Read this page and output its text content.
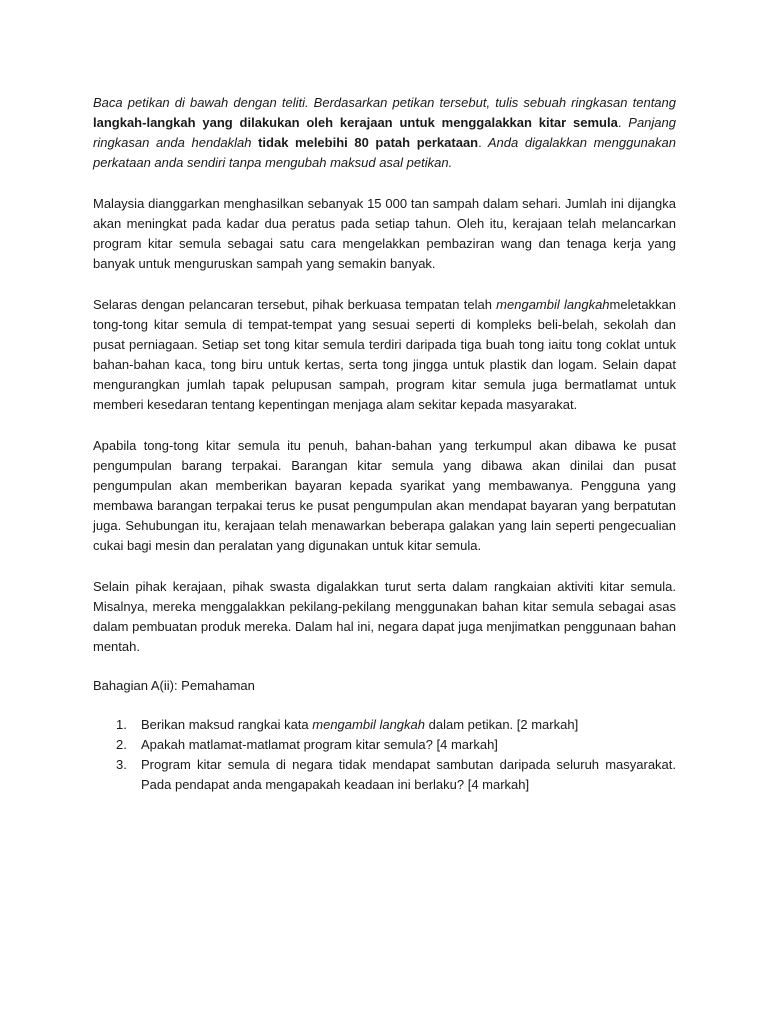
Baca petikan di bawah dengan teliti. Berdasarkan petikan tersebut, tulis sebuah ringkasan tentang langkah-langkah yang dilakukan oleh kerajaan untuk menggalakkan kitar semula. Panjang ringkasan anda hendaklah tidak melebihi 80 patah perkataan. Anda digalakkan menggunakan perkataan anda sendiri tanpa mengubah maksud asal petikan.

Malaysia dianggarkan menghasilkan sebanyak 15 000 tan sampah dalam sehari. Jumlah ini dijangka akan meningkat pada kadar dua peratus pada setiap tahun. Oleh itu, kerajaan telah melancarkan program kitar semula sebagai satu cara mengelakkan pembaziran wang dan tenaga kerja yang banyak untuk menguruskan sampah yang semakin banyak.

Selaras dengan pelancaran tersebut, pihak berkuasa tempatan telah mengambil langkahmeletakkan tong-tong kitar semula di tempat-tempat yang sesuai seperti di kompleks beli-belah, sekolah dan pusat perniagaan. Setiap set tong kitar semula terdiri daripada tiga buah tong iaitu tong coklat untuk bahan-bahan kaca, tong biru untuk kertas, serta tong jingga untuk plastik dan logam. Selain dapat mengurangkan jumlah tapak pelupusan sampah, program kitar semula juga bermatlamat untuk memberi kesedaran tentang kepentingan menjaga alam sekitar kepada masyarakat.

Apabila tong-tong kitar semula itu penuh, bahan-bahan yang terkumpul akan dibawa ke pusat pengumpulan barang terpakai. Barangan kitar semula yang dibawa akan dinilai dan pusat pengumpulan akan memberikan bayaran kepada syarikat yang membawanya. Pengguna yang membawa barangan terpakai terus ke pusat pengumpulan akan mendapat bayaran yang berpatutan juga. Sehubungan itu, kerajaan telah menawarkan beberapa galakan yang lain seperti pengecualian cukai bagi mesin dan peralatan yang digunakan untuk kitar semula.

Selain pihak kerajaan, pihak swasta digalakkan turut serta dalam rangkaian aktiviti kitar semula. Misalnya, mereka menggalakkan pekilang-pekilang menggunakan bahan kitar semula sebagai asas dalam pembuatan produk mereka. Dalam hal ini, negara dapat juga menjimatkan penggunaan bahan mentah.

Bahagian A(ii): Pemahaman

1.	Berikan maksud rangkai kata mengambil langkah dalam petikan. [2 markah]
2.	Apakah matlamat-matlamat program kitar semula? [4 markah]
3.	Program kitar semula di negara tidak mendapat sambutan daripada seluruh masyarakat. Pada pendapat anda mengapakah keadaan ini berlaku? [4 markah]
